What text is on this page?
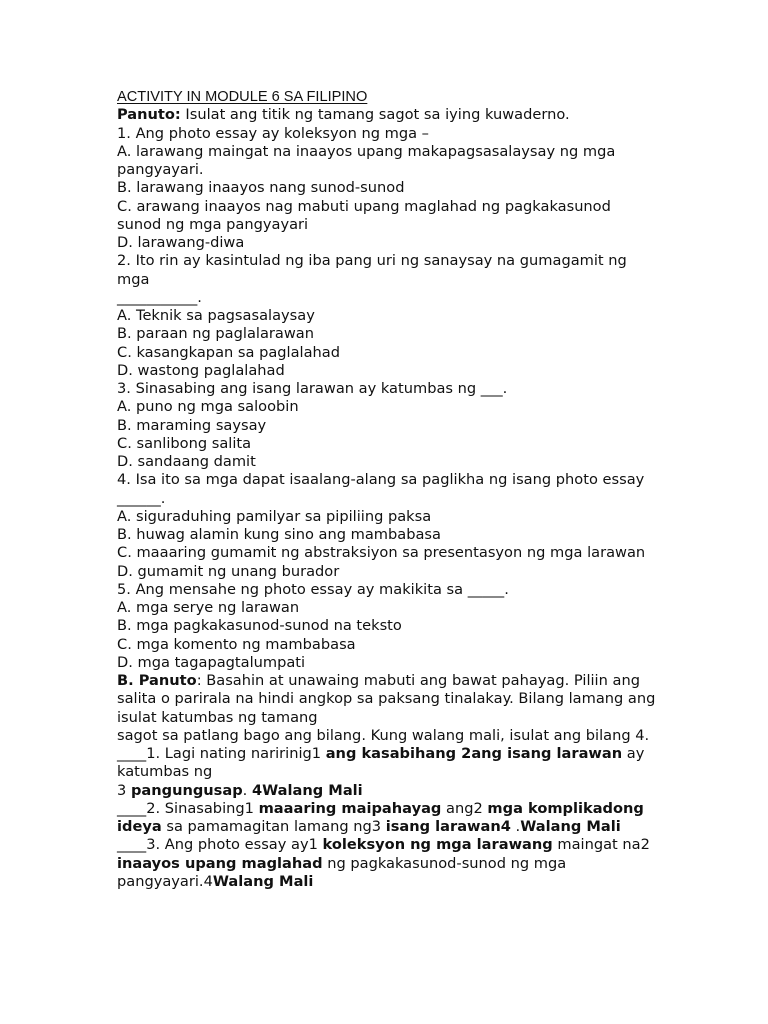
ACTIVITY IN MODULE 6 SA FILIPINO
Panuto: Isulat ang titik ng tamang sagot sa iying kuwaderno.
1. Ang photo essay ay koleksyon ng mga –
A. larawang maingat na inaayos upang makapagsasalaysay ng mga pangyayari.
B. larawang inaayos nang sunod-sunod
C. arawang inaayos nag mabuti upang maglahad ng pagkakasunod sunod ng mga pangyayari
D. larawang-diwa
2. Ito rin ay kasintulad ng iba pang uri ng sanaysay na gumagamit ng mga
___________.
A. Teknik sa pagsasalaysay
B. paraan ng paglalarawan
C. kasangkapan sa paglalahad
D. wastong paglalahad
3. Sinasabing ang isang larawan ay katumbas ng ___.
A. puno ng mga saloobin
B. maraming saysay
C. sanlibong salita
D. sandaang damit
4. Isa ito sa mga dapat isaalang-alang sa paglikha ng isang photo essay ______.
A. siguraduhing pamilyar sa pipiliing paksa
B. huwag alamin kung sino ang mambabasa
C. maaaring gumamit ng abstraksiyon sa presentasyon ng mga larawan
D. gumamit ng unang burador
5. Ang mensahe ng photo essay ay makikita sa _____.
A. mga serye ng larawan
B. mga pagkakasunod-sunod na teksto
C. mga komento ng mambabasa
D. mga tagapagtalumpati
B. Panuto: Basahin at unawaing mabuti ang bawat pahayag. Piliin ang salita o parirala na hindi angkop sa paksang tinalakay. Bilang lamang ang isulat katumbas ng tamang
sagot sa patlang bago ang bilang. Kung walang mali, isulat ang bilang 4.
____1. Lagi nating naririnig1 ang kasabihang 2ang isang larawan ay katumbas ng
3 pangungusap. 4Walang Mali
____2. Sinasabing1 maaaring maipahayag ang2 mga komplikadong ideya sa pamamagitan lamang ng3 isang larawan4 .Walang Mali
____3. Ang photo essay ay1 koleksyon ng mga larawang maingat na2 inaayos upang maglahad ng pagkakasunod-sunod ng mga pangyayari.4Walang Mali
